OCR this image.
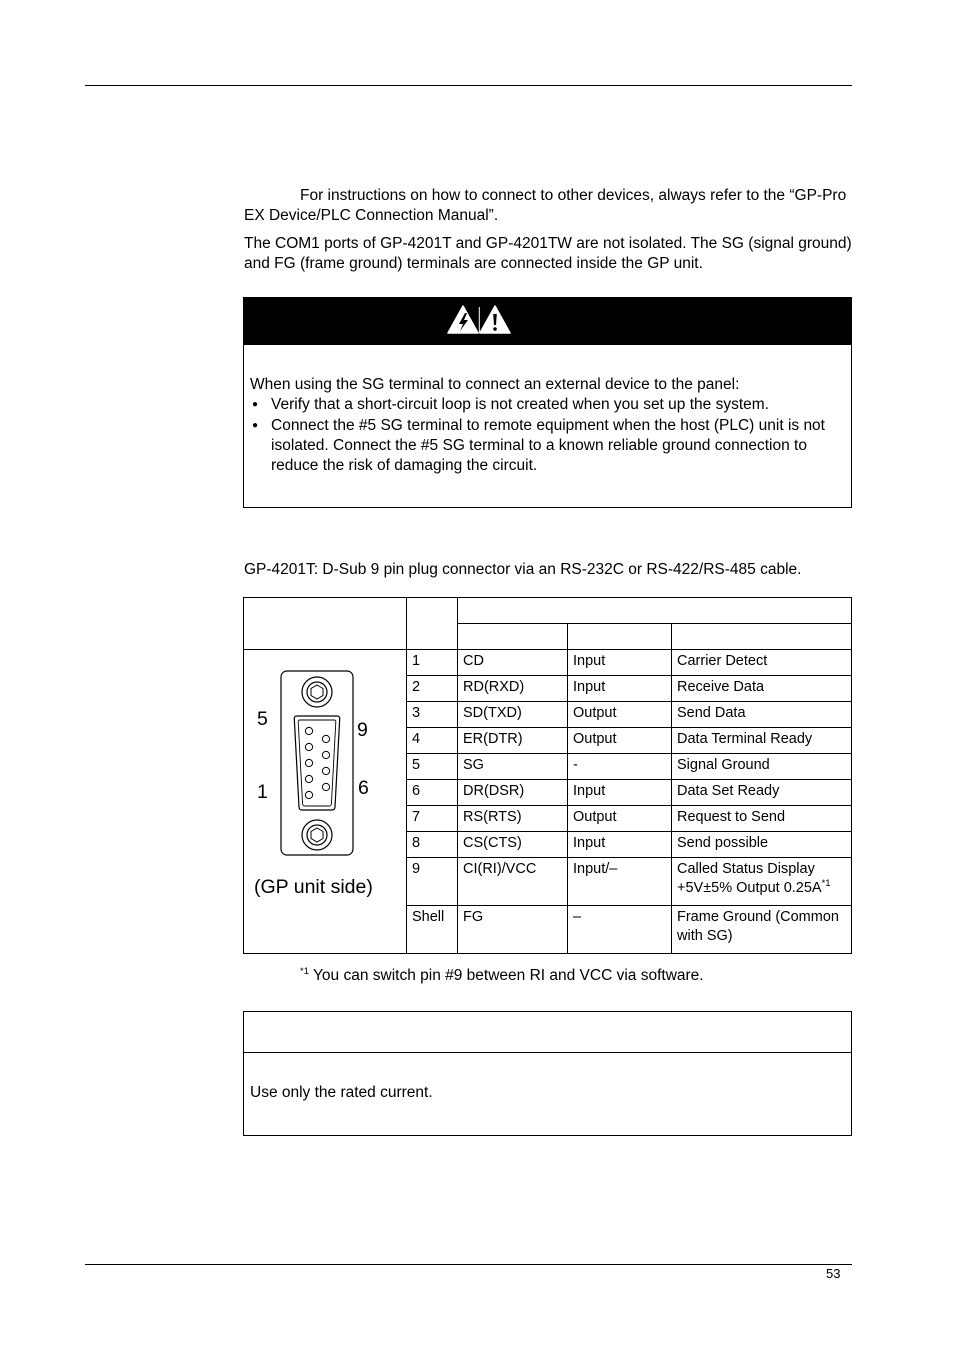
For instructions on how to connect to other devices, always refer to the “GP-Pro EX Device/PLC Connection Manual”.

The COM1 ports of GP-4201T and GP-4201TW are not isolated. The SG (signal ground) and FG (frame ground) terminals are connected inside the GP unit.

When using the SG terminal to connect an external device to the panel:
● Verify that a short-circuit loop is not created when you set up the system.
● Connect the #5 SG terminal to remote equipment when the host (PLC) unit is not isolated. Connect the #5 SG terminal to a known reliable ground connection to reduce the risk of damaging the circuit.

GP-4201T: D-Sub 9 pin plug connector via an RS-232C or RS-422/RS-485 cable.

5 9
1 6
(GP unit side)	1	CD	Input	Carrier Detect
	2	RD(RXD)	Input	Receive Data
	3	SD(TXD)	Output	Send Data
	4	ER(DTR)	Output	Data Terminal Ready
	5	SG	-	Signal Ground
	6	DR(DSR)	Input	Data Set Ready
	7	RS(RTS)	Output	Request to Send
	8	CS(CTS)	Input	Send possible
	9	CI(RI)/VCC	Input/–	Called Status Display +5V±5% Output $0.25A^{*1}$
	Shell	FG	–	Frame Ground (Common with SG)
$^{*1}$ You can switch pin #9 between RI and VCC via software.
Use only the rated current.
53
